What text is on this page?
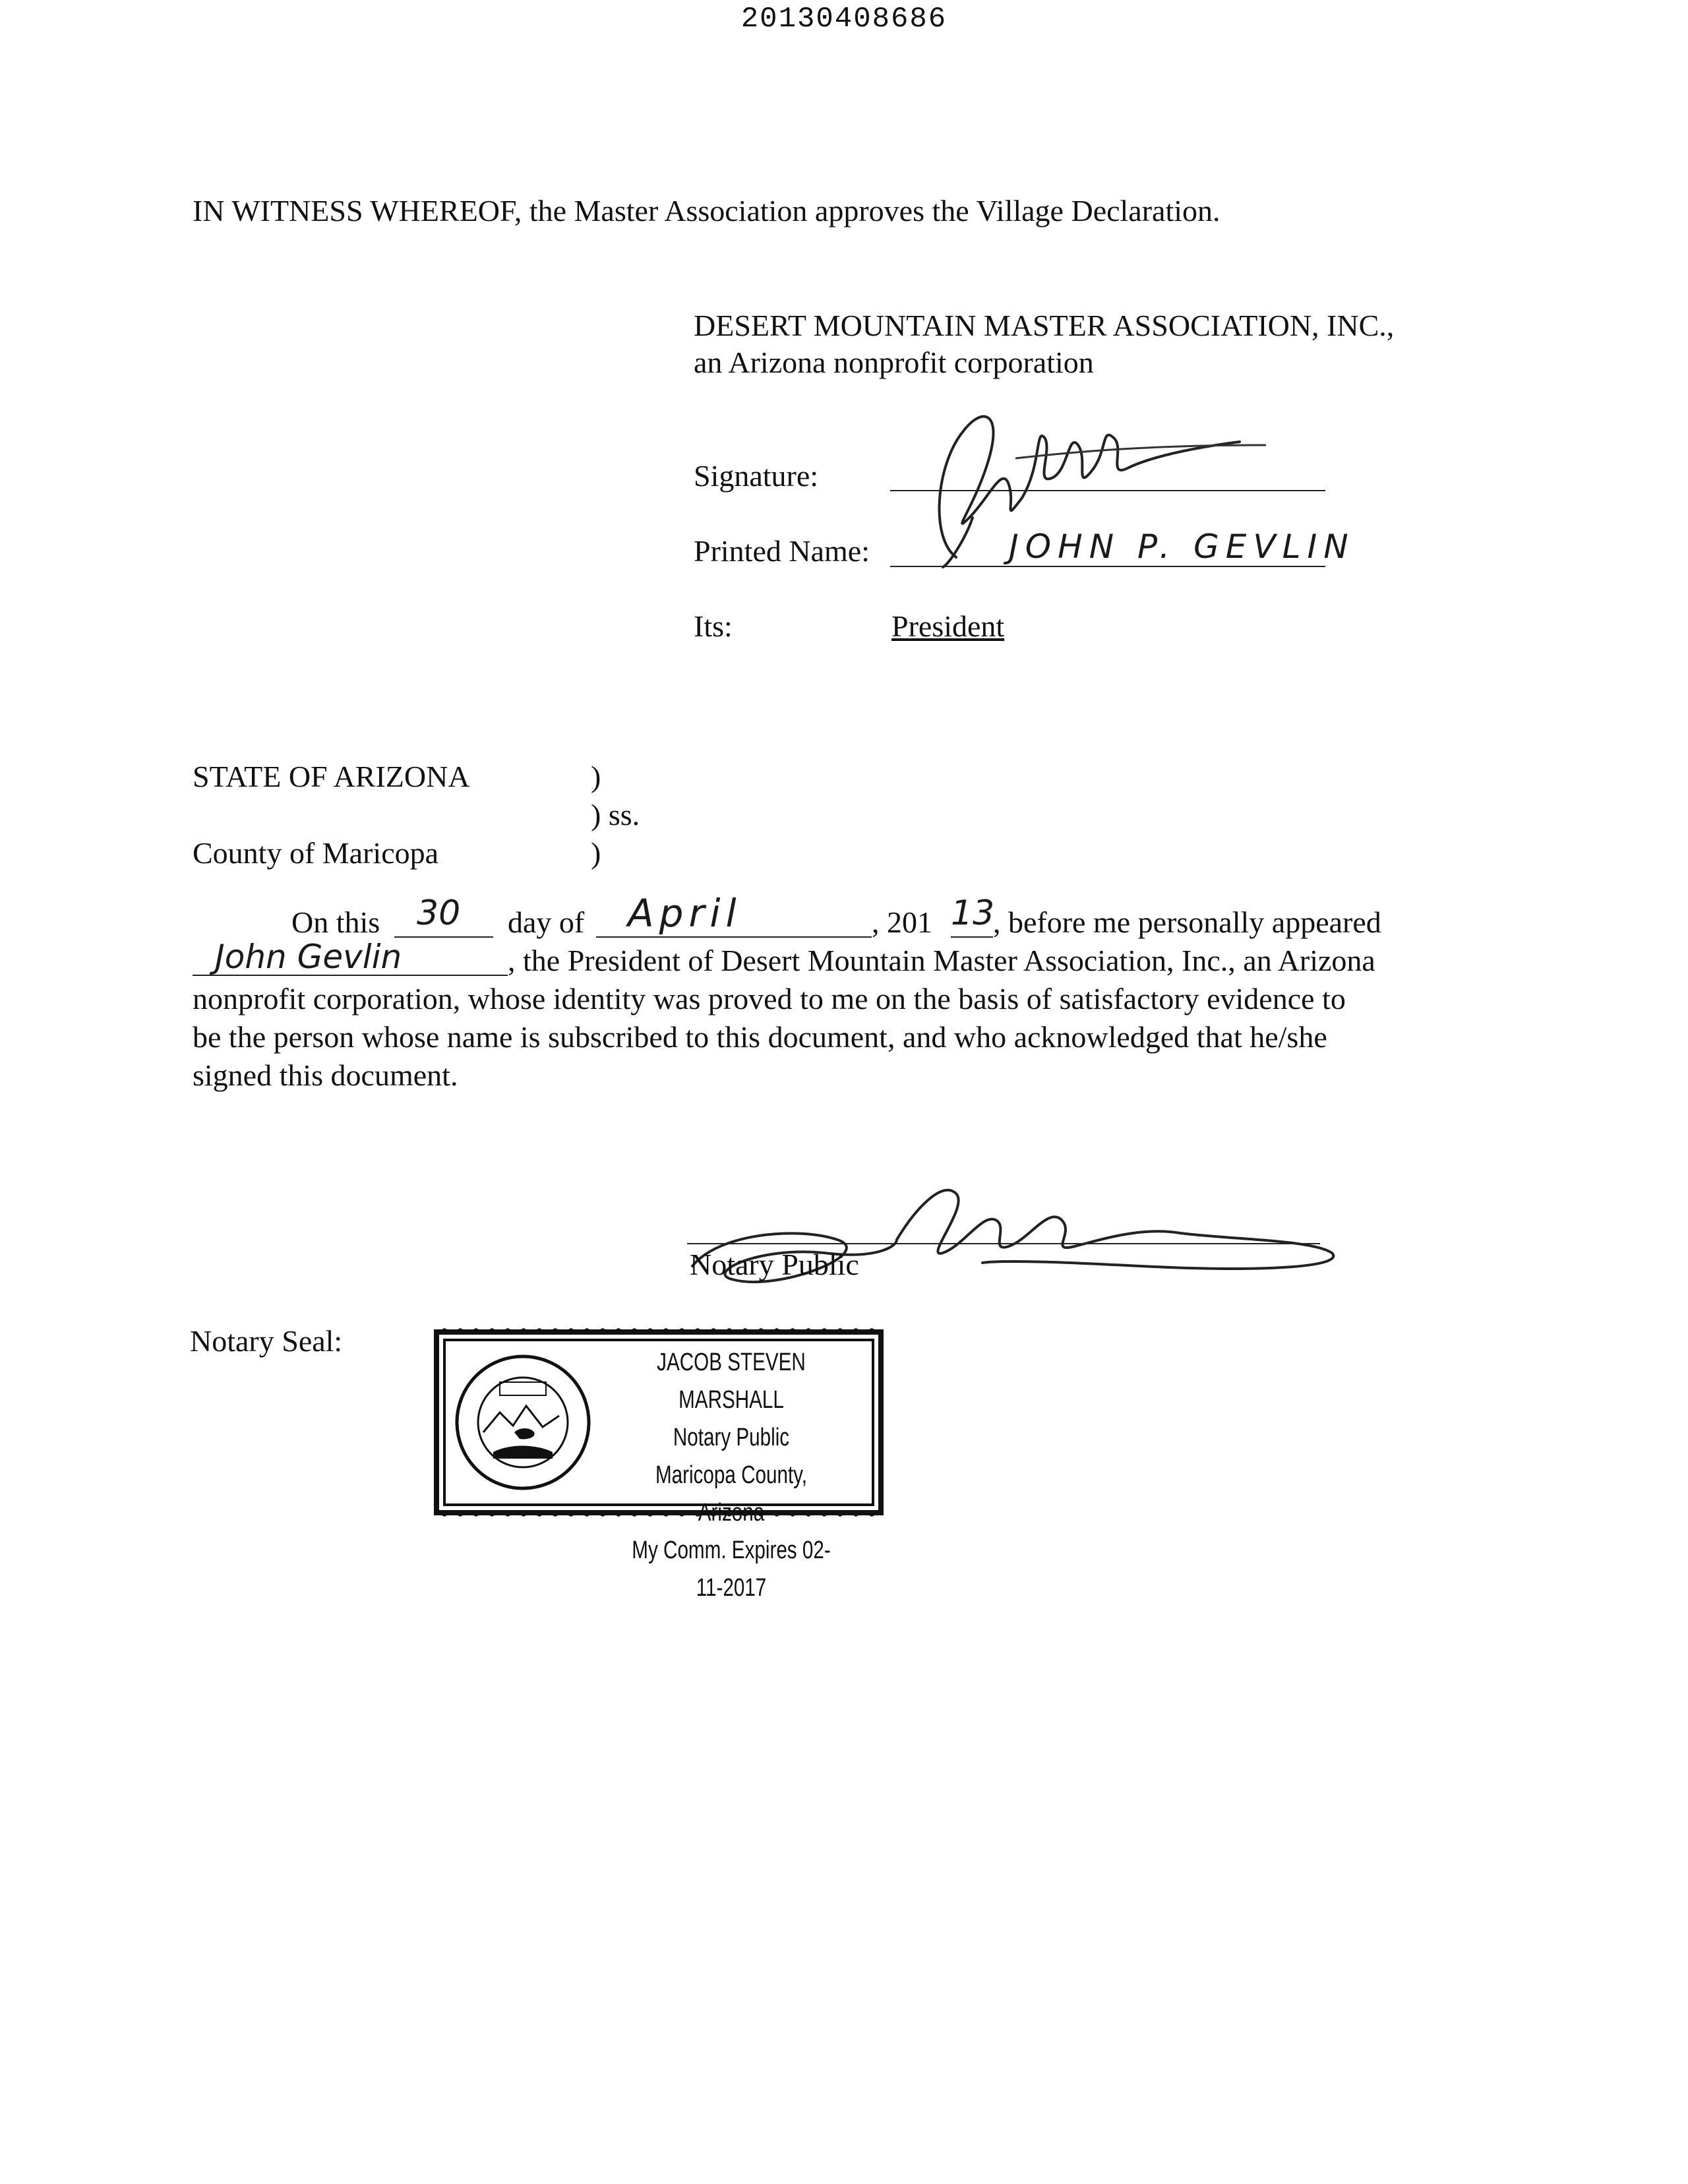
20130408686
IN WITNESS WHEREOF, the Master Association approves the Village Declaration.
DESERT MOUNTAIN MASTER ASSOCIATION, INC.,
an Arizona nonprofit corporation
Signature:
Printed Name:	JOHN P. GEVLIN
Its:	President
STATE OF ARIZONA	)
) ss.
County of Maricopa	)
On this 30 day of April	, 201 13
, before me personally appeared
John Gevlin	, the President of Desert Mountain Master Association, Inc., an Arizona
nonprofit corporation, whose identity was proved to me on the basis of satisfactory evidence to
be the person whose name is subscribed to this document, and who acknowledged that he/she
signed this document.
Notary Public
Notary Seal:
JACOB STEVEN MARSHALL
Notary Public
Maricopa County, Arizona
My Comm. Expires 02-11-2017
